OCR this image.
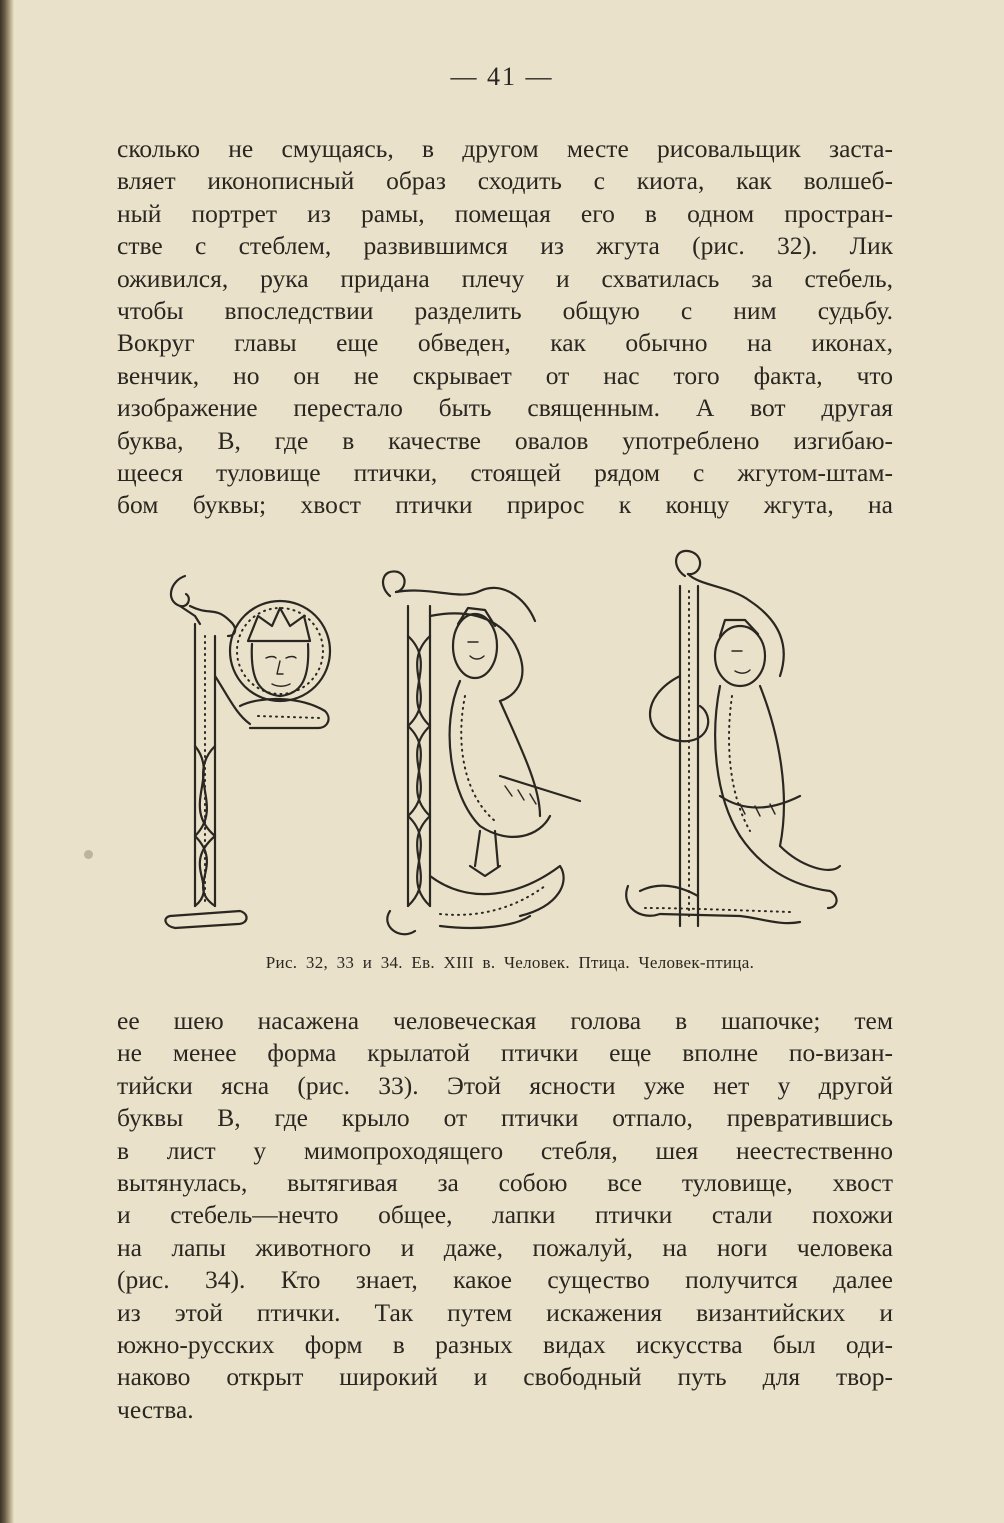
— 41 —
сколько не смущаясь, в другом месте рисовальщик заста-
вляет иконописный образ сходить с киота, как волшеб-
ный портрет из рамы, помещая его в одном простран-
стве с стеблем, развившимся из жгута (рис. 32). Лик
оживился, рука придана плечу и схватилась за стебель,
чтобы впоследствии разделить общую с ним судьбу.
Вокруг главы еще обведен, как обычно на иконах,
венчик, но он не скрывает от нас того факта, что
изображение перестало быть священным. А вот другая
буква, В, где в качестве овалов употреблено изгибаю-
щееся туловище птички, стоящей рядом с жгутом-штам-
бом буквы; хвост птички прирос к концу жгута, на
Рис. 32, 33 и 34. Ев. XIII в. Человек. Птица. Человек-птица.
ее шею насажена человеческая голова в шапочке; тем
не менее форма крылатой птички еще вполне по-визан-
тийски ясна (рис. 33). Этой ясности уже нет у другой
буквы В, где крыло от птички отпало, превратившись
в лист у мимопроходящего стебля, шея неестественно
вытянулась, вытягивая за собою все туловище, хвост
и стебель—нечто общее, лапки птички стали похожи
на лапы животного и даже, пожалуй, на ноги человека
(рис. 34). Кто знает, какое существо получится далее
из этой птички. Так путем искажения византийских и
южно-русских форм в разных видах искусства был оди-
наково открыт широкий и свободный путь для твор-
чества.
